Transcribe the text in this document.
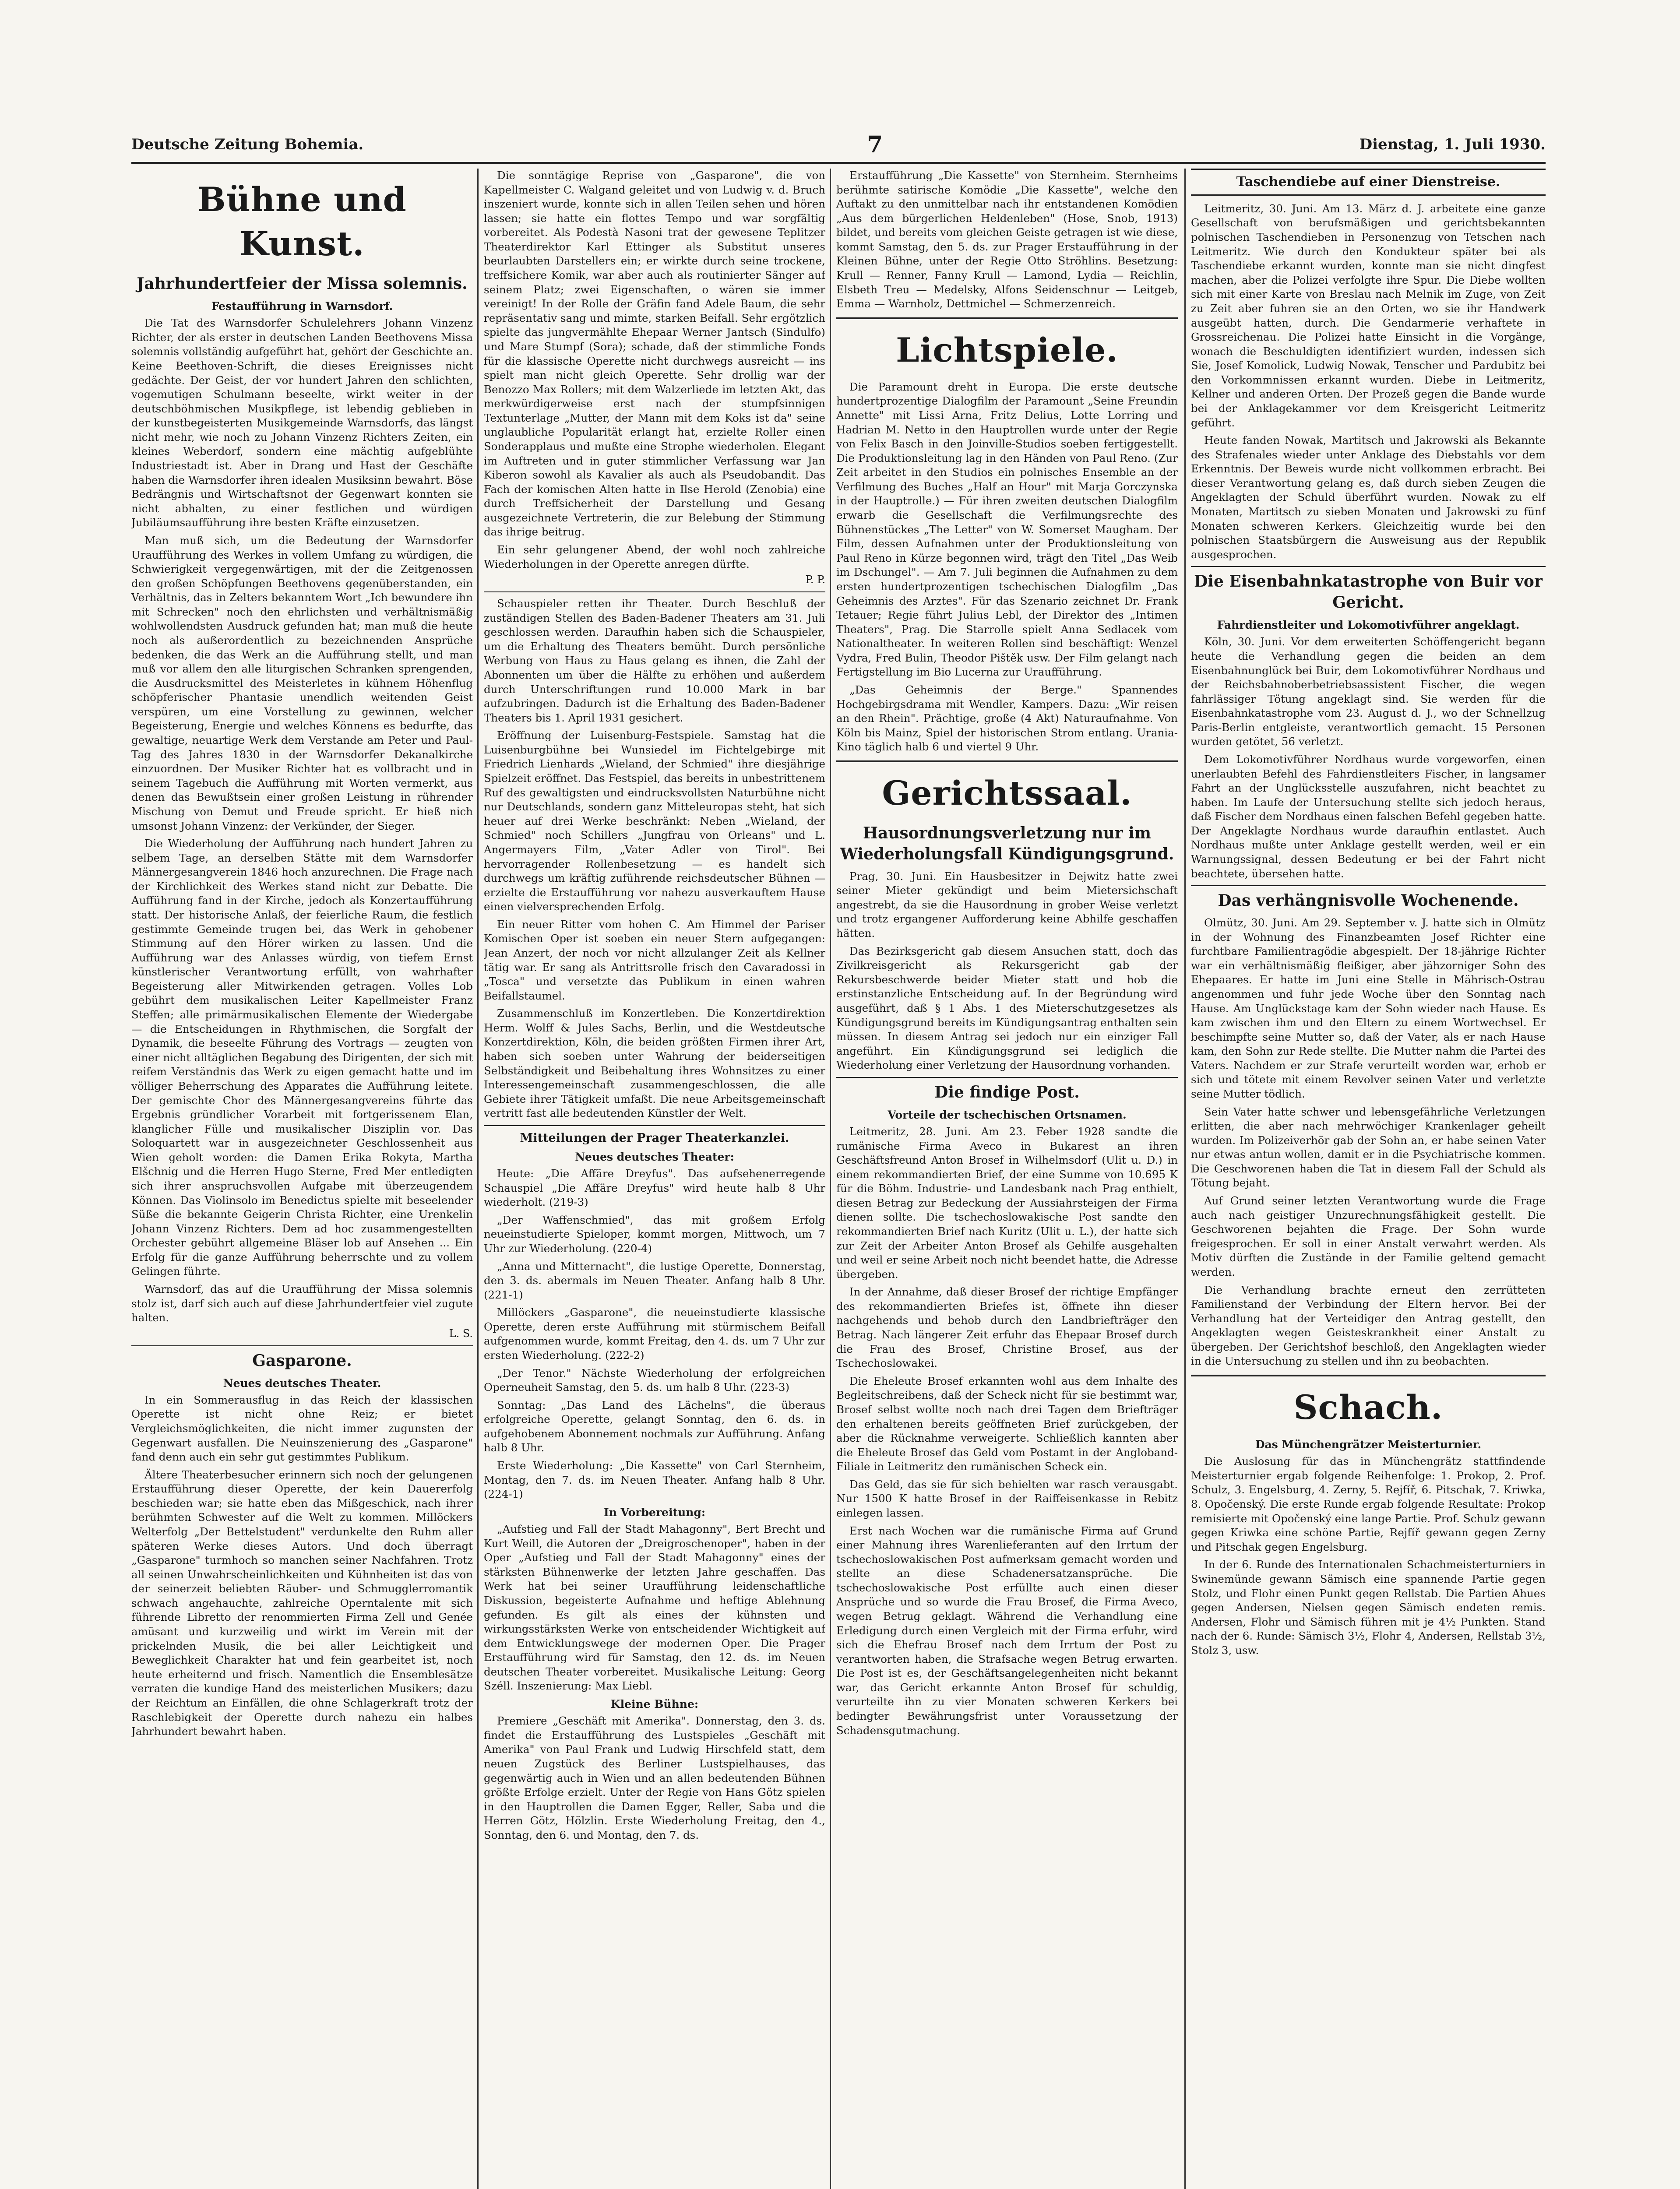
Deutsche Zeitung Bohemia.	7	Dienstag, 1. Juli 1930.
Bühne und Kunst.
Jahrhundertfeier der Missa solemnis.
Festaufführung in Warnsdorf.

Die Tat des Warnsdorfer Schulelehrers Johann Vinzenz Richter, der als erster in deutschen Landen Beethovens Missa solemnis vollständig aufgeführt hat, gehört der Geschichte an. Keine Beethoven-Schrift, die dieses Ereignisses nicht gedächte. Der Geist, der vor hundert Jahren den schlichten, vogemutigen Schulmann beseelte, wirkt weiter in der deutschböhmischen Musikpflege, ist lebendig geblieben in der kunstbegeisterten Musikgemeinde Warnsdorfs, das längst nicht mehr, wie noch zu Johann Vinzenz Richters Zeiten, ein kleines Weberdorf, sondern eine mächtig aufgeblühte Industriestadt ist. Aber in Drang und Hast der Geschäfte haben die Warnsdorfer ihren idealen Musiksinn bewahrt. Böse Bedrängnis und Wirtschaftsnot der Gegenwart konnten sie nicht abhalten, zu einer festlichen und würdigen Jubiläumsaufführung ihre besten Kräfte einzusetzen.

Man muß sich, um die Bedeutung der Warnsdorfer Uraufführung des Werkes in vollem Umfang zu würdigen, die Schwierigkeit vergegenwärtigen, mit der die Zeitgenossen den großen Schöpfungen Beethovens gegenüberstanden, ein Verhältnis, das in Zelters bekanntem Wort „Ich bewundere ihn mit Schrecken" noch den ehrlichsten und verhältnismäßig wohlwollendsten Ausdruck gefunden hat; man muß die heute noch als außerordentlich zu bezeichnenden Ansprüche bedenken, die das Werk an die Aufführung stellt, und man muß vor allem den alle liturgischen Schranken sprengenden, die Ausdrucksmittel des Meisterletes in kühnem Höhenflug schöpferischer Phantasie unendlich weitenden Geist verspüren, um eine Vorstellung zu gewinnen, welcher Begeisterung, Energie und welches Könnens es bedurfte, das gewaltige, neuartige Werk dem Verstande am Peter und Paul-Tag des Jahres 1830 in der Warnsdorfer Dekanalkirche einzuordnen. Der Musiker Richter hat es vollbracht und in seinem Tagebuch die Aufführung mit Worten vermerkt, aus denen das Bewußtsein einer großen Leistung in rührender Mischung von Demut und Freude spricht. Er hieß nich umsonst Johann Vinzenz: der Verkünder, der Sieger.

Die Wiederholung der Aufführung nach hundert Jahren zu selbem Tage, an derselben Stätte mit dem Warnsdorfer Männergesangverein 1846 hoch anzurechnen. Die Frage nach der Kirchlichkeit des Werkes stand nicht zur Debatte. Die Aufführung fand in der Kirche, jedoch als Konzertaufführung statt. Der historische Anlaß, der feierliche Raum, die festlich gestimmte Gemeinde trugen bei, das Werk in gehobener Stimmung auf den Hörer wirken zu lassen. Und die Aufführung war des Anlasses würdig, von tiefem Ernst künstlerischer Verantwortung erfüllt, von wahrhafter Begeisterung aller Mitwirkenden getragen. Volles Lob gebührt dem musikalischen Leiter Kapellmeister Franz Steffen; alle primärmusikalischen Elemente der Wiedergabe — die Entscheidungen in Rhythmischen, die Sorgfalt der Dynamik, die beseelte Führung des Vortrags — zeugten von einer nicht alltäglichen Begabung des Dirigenten, der sich mit reifem Verständnis das Werk zu eigen gemacht hatte und im völliger Beherrschung des Apparates die Aufführung leitete. Der gemischte Chor des Männergesangvereins führte das Ergebnis gründlicher Vorarbeit mit fortgerissenem Elan, klanglicher Fülle und musikalischer Disziplin vor. Das Soloquartett war in ausgezeichneter Geschlossenheit aus Wien geholt worden: die Damen Erika Rokyta, Martha Elšchnig und die Herren Hugo Sterne, Fred Mer entledigten sich ihrer anspruchsvollen Aufgabe mit überzeugendem Können. Das Violinsolo im Benedictus spielte mit beseelender Süße die bekannte Geigerin Christa Richter, eine Urenkelin Johann Vinzenz Richters. Dem ad hoc zusammengestellten Orchester gebührt allgemeine Bläser lob auf Ansehen ... Ein Erfolg für die ganze Aufführung beherrschte und zu vollem Gelingen führte.

Warnsdorf, das auf die Uraufführung der Missa solemnis stolz ist, darf sich auch auf diese Jahrhundertfeier viel zugute halten.

L. S.
Gasparone.
Neues deutsches Theater.

In ein Sommerausflug in das Reich der klassischen Operette ist nicht ohne Reiz; er bietet Vergleichsmöglichkeiten, die nicht immer zugunsten der Gegenwart ausfallen. Die Neuinszenierung des „Gasparone" fand denn auch ein sehr gut gestimmtes Publikum.

Ältere Theaterbesucher erinnern sich noch der gelungenen Erstaufführung dieser Operette, der kein Dauererfolg beschieden war; sie hatte eben das Mißgeschick, nach ihrer berühmten Schwester auf die Welt zu kommen. Millöckers Welterfolg „Der Bettelstudent" verdunkelte den Ruhm aller späteren Werke dieses Autors. Und doch überragt „Gasparone" turmhoch so manchen seiner Nachfahren. Trotz all seinen Unwahrscheinlichkeiten und Kühnheiten ist das von der seinerzeit beliebten Räuber- und Schmugglerromantik schwach angehauchte, zahlreiche Operntalente mit sich führende Libretto der renommierten Firma Zell und Genée amüsant und kurzweilig und wirkt im Verein mit der prickelnden Musik, die bei aller Leichtigkeit und Beweglichkeit Charakter hat und fein gearbeitet ist, noch heute erheiternd und frisch. Namentlich die Ensemblesätze verraten die kundige Hand des meisterlichen Musikers; dazu der Reichtum an Einfällen, die ohne Schlagerkraft trotz der Raschlebigkeit der Operette durch nahezu ein halbes Jahrhundert bewahrt haben.

Die sonntägige Reprise von „Gasparone", die von Kapellmeister C. Walgand geleitet und von Ludwig v. d. Bruch inszeniert wurde, konnte sich in allen Teilen sehen und hören lassen; sie hatte ein flottes Tempo und war sorgfältig vorbereitet. Als Podestà Nasoni trat der gewesene Teplitzer Theaterdirektor Karl Ettinger als Substitut unseres beurlaubten Darstellers ein; er wirkte durch seine trockene, treffsichere Komik, war aber auch als routinierter Sänger auf seinem Platz; zwei Eigenschaften, o wären sie immer vereinigt! In der Rolle der Gräfin fand Adele Baum, die sehr repräsentativ sang und mimte, starken Beifall. Sehr ergötzlich spielte das jungvermählte Ehepaar Werner Jantsch (Sindulfo) und Mare Stumpf (Sora); schade, daß der stimmliche Fonds für die klassische Operette nicht durchwegs ausreicht — ins spielt man nicht gleich Operette. Sehr drollig war der Benozzo Max Rollers; mit dem Walzerliede im letzten Akt, das merkwürdigerweise erst nach der stumpfsinnigen Textunterlage „Mutter, der Mann mit dem Koks ist da" seine unglaubliche Popularität erlangt hat, erzielte Roller einen Sonderapplaus und mußte eine Strophe wiederholen. Elegant im Auftreten und in guter stimmlicher Verfassung war Jan Kiberon sowohl als Kavalier als auch als Pseudobandit. Das Fach der komischen Alten hatte in Ilse Herold (Zenobia) eine durch Treffsicherheit der Darstellung und Gesang ausgezeichnete Vertreterin, die zur Belebung der Stimmung das ihrige beitrug.

Ein sehr gelungener Abend, der wohl noch zahlreiche Wiederholungen in der Operette anregen dürfte.

P. P.

Schauspieler retten ihr Theater. Durch Beschluß der zuständigen Stellen des Baden-Badener Theaters am 31. Juli geschlossen werden. Daraufhin haben sich die Schauspieler, um die Erhaltung des Theaters bemüht. Durch persönliche Werbung von Haus zu Haus gelang es ihnen, die Zahl der Abonnenten um über die Hälfte zu erhöhen und außerdem durch Unterschriftungen rund 10.000 Mark in bar aufzubringen. Dadurch ist die Erhaltung des Baden-Badener Theaters bis 1. April 1931 gesichert.

Eröffnung der Luisenburg-Festspiele. Samstag hat die Luisenburgbühne bei Wunsiedel im Fichtelgebirge mit Friedrich Lienhards „Wieland, der Schmied" ihre diesjährige Spielzeit eröffnet. Das Festspiel, das bereits in unbestrittenem Ruf des gewaltigsten und eindrucksvollsten Naturbühne nicht nur Deutschlands, sondern ganz Mitteleuropas steht, hat sich heuer auf drei Werke beschränkt: Neben „Wieland, der Schmied" noch Schillers „Jungfrau von Orleans" und L. Angermayers Film, „Vater Adler von Tirol". Bei hervorragender Rollenbesetzung — es handelt sich durchwegs um kräftig zuführende reichsdeutscher Bühnen — erzielte die Erstaufführung vor nahezu ausverkauftem Hause einen vielversprechenden Erfolg.

Ein neuer Ritter vom hohen C. Am Himmel der Pariser Komischen Oper ist soeben ein neuer Stern aufgegangen: Jean Anzert, der noch vor nicht allzulanger Zeit als Kellner tätig war. Er sang als Antrittsrolle frisch den Cavaradossi in „Tosca" und versetzte das Publikum in einen wahren Beifallstaumel.

Zusammenschluß im Konzertleben. Die Konzertdirektion Herm. Wolff & Jules Sachs, Berlin, und die Westdeutsche Konzertdirektion, Köln, die beiden größten Firmen ihrer Art, haben sich soeben unter Wahrung der beiderseitigen Selbständigkeit und Beibehaltung ihres Wohnsitzes zu einer Interessengemeinschaft zusammengeschlossen, die alle Gebiete ihrer Tätigkeit umfaßt. Die neue Arbeitsgemeinschaft vertritt fast alle bedeutenden Künstler der Welt.

Mitteilungen der Prager Theaterkanzlei.
Neues deutsches Theater:

Heute: „Die Affäre Dreyfus". Das aufsehenerregende Schauspiel „Die Affäre Dreyfus" wird heute halb 8 Uhr wiederholt. (219-3)

„Der Waffenschmied", das mit großem Erfolg neueinstudierte Spieloper, kommt morgen, Mittwoch, um 7 Uhr zur Wiederholung. (220-4)

„Anna und Mitternacht", die lustige Operette, Donnerstag, den 3. ds. abermals im Neuen Theater. Anfang halb 8 Uhr. (221-1)

Millöckers „Gasparone", die neueinstudierte klassische Operette, deren erste Aufführung mit stürmischem Beifall aufgenommen wurde, kommt Freitag, den 4. ds. um 7 Uhr zur ersten Wiederholung. (222-2)

„Der Tenor." Nächste Wiederholung der erfolgreichen Operneuheit Samstag, den 5. ds. um halb 8 Uhr. (223-3)

Sonntag: „Das Land des Lächelns", die überaus erfolgreiche Operette, gelangt Sonntag, den 6. ds. in aufgehobenem Abonnement nochmals zur Aufführung. Anfang halb 8 Uhr.

Erste Wiederholung: „Die Kassette" von Carl Sternheim, Montag, den 7. ds. im Neuen Theater. Anfang halb 8 Uhr. (224-1)

In Vorbereitung:

„Aufstieg und Fall der Stadt Mahagonny", Bert Brecht und Kurt Weill, die Autoren der „Dreigroschenoper", haben in der Oper „Aufstieg und Fall der Stadt Mahagonny" eines der stärksten Bühnenwerke der letzten Jahre geschaffen. Das Werk hat bei seiner Uraufführung leidenschaftliche Diskussion, begeisterte Aufnahme und heftige Ablehnung gefunden. Es gilt als eines der kühnsten und wirkungsstärksten Werke von entscheidender Wichtigkeit auf dem Entwicklungswege der modernen Oper. Die Prager Erstaufführung wird für Samstag, den 12. ds. im Neuen deutschen Theater vorbereitet. Musikalische Leitung: Georg Széll. Inszenierung: Max Liebl.

Kleine Bühne:

Premiere „Geschäft mit Amerika". Donnerstag, den 3. ds. findet die Erstaufführung des Lustspieles „Geschäft mit Amerika" von Paul Frank und Ludwig Hirschfeld statt, dem neuen Zugstück des Berliner Lustspielhauses, das gegenwärtig auch in Wien und an allen bedeutenden Bühnen größte Erfolge erzielt. Unter der Regie von Hans Götz spielen in den Hauptrollen die Damen Egger, Reller, Saba und die Herren Götz, Hölzlin. Erste Wiederholung Freitag, den 4., Sonntag, den 6. und Montag, den 7. ds.

Erstaufführung „Die Kassette" von Sternheim. Sternheims berühmte satirische Komödie „Die Kassette", welche den Auftakt zu den unmittelbar nach ihr entstandenen Komödien „Aus dem bürgerlichen Heldenleben" (Hose, Snob, 1913) bildet, und bereits vom gleichen Geiste getragen ist wie diese, kommt Samstag, den 5. ds. zur Prager Erstaufführung in der Kleinen Bühne, unter der Regie Otto Ströhlins. Besetzung: Krull — Renner, Fanny Krull — Lamond, Lydia — Reichlin, Elsbeth Treu — Medelsky, Alfons Seidenschnur — Leitgeb, Emma — Warnholz, Dettmichel — Schmerzenreich.

Lichtspiele.

Die Paramount dreht in Europa. Die erste deutsche hundertprozentige Dialogfilm der Paramount „Seine Freundin Annette" mit Lissi Arna, Fritz Delius, Lotte Lorring und Hadrian M. Netto in den Hauptrollen wurde unter der Regie von Felix Basch in den Joinville-Studios soeben fertiggestellt. Die Produktionsleitung lag in den Händen von Paul Reno. (Zur Zeit arbeitet in den Studios ein polnisches Ensemble an der Verfilmung des Buches „Half an Hour" mit Marja Gorczynska in der Hauptrolle.) — Für ihren zweiten deutschen Dialogfilm erwarb die Gesellschaft die Verfilmungsrechte des Bühnenstückes „The Letter" von W. Somerset Maugham. Der Film, dessen Aufnahmen unter der Produktionsleitung von Paul Reno in Kürze begonnen wird, trägt den Titel „Das Weib im Dschungel". — Am 7. Juli beginnen die Aufnahmen zu dem ersten hundertprozentigen tschechischen Dialogfilm „Das Geheimnis des Arztes". Für das Szenario zeichnet Dr. Frank Tetauer; Regie führt Julius Lebl, der Direktor des „Intimen Theaters", Prag. Die Starrolle spielt Anna Sedlacek vom Nationaltheater. In weiteren Rollen sind beschäftigt: Wenzel Vydra, Fred Bulin, Theodor Pištěk usw. Der Film gelangt nach Fertigstellung im Bio Lucerna zur Uraufführung.

„Das Geheimnis der Berge." Spannendes Hochgebirgsdrama mit Wendler, Kampers. Dazu: „Wir reisen an den Rhein". Prächtige, große (4 Akt) Naturaufnahme. Von Köln bis Mainz, Spiel der historischen Strom entlang. Urania-Kino täglich halb 6 und viertel 9 Uhr.

Gerichtssaal.
Hausordnungsverletzung nur im Wiederholungsfall Kündigungsgrund.

Prag, 30. Juni. Ein Hausbesitzer in Dejwitz hatte zwei seiner Mieter gekündigt und beim Mietersichschaft angestrebt, da sie die Hausordnung in grober Weise verletzt und trotz ergangener Aufforderung keine Abhilfe geschaffen hätten.

Das Bezirksgericht gab diesem Ansuchen statt, doch das Zivilkreisgericht als Rekursgericht gab der Rekursbeschwerde beider Mieter statt und hob die erstinstanzliche Entscheidung auf. In der Begründung wird ausgeführt, daß § 1 Abs. 1 des Mieterschutzgesetzes als Kündigungsgrund bereits im Kündigungsantrag enthalten sein müssen. In diesem Antrag sei jedoch nur ein einziger Fall angeführt. Ein Kündigungsgrund sei lediglich die Wiederholung einer Verletzung der Hausordnung vorhanden.

Die findige Post.
Vorteile der tschechischen Ortsnamen.

Leitmeritz, 28. Juni. Am 23. Feber 1928 sandte die rumänische Firma Aveco in Bukarest an ihren Geschäftsfreund Anton Brosef in Wilhelmsdorf (Ulit u. D.) in einem rekommandierten Brief, der eine Summe von 10.695 K für die Böhm. Industrie- und Landesbank nach Prag enthielt, diesen Betrag zur Bedeckung der Aussiahrsteigen der Firma dienen sollte. Die tschechoslowakische Post sandte den rekommandierten Brief nach Kuritz (Ulit u. L.), der hatte sich zur Zeit der Arbeiter Anton Brosef als Gehilfe ausgehalten und weil er seine Arbeit noch nicht beendet hatte, die Adresse übergeben.

In der Annahme, daß dieser Brosef der richtige Empfänger des rekommandierten Briefes ist, öffnete ihn dieser nachgehends und behob durch den Landbriefträger den Betrag. Nach längerer Zeit erfuhr das Ehepaar Brosef durch die Frau des Brosef, Christine Brosef, aus der Tschechoslowakei.

Die Eheleute Brosef erkannten wohl aus dem Inhalte des Begleitschreibens, daß der Scheck nicht für sie bestimmt war, Brosef selbst wollte noch nach drei Tagen dem Briefträger den erhaltenen bereits geöffneten Brief zurückgeben, der aber die Rücknahme verweigerte. Schließlich kannten aber die Eheleute Brosef das Geld vom Postamt in der Angloband-Filiale in Leitmeritz den rumänischen Scheck ein.

Das Geld, das sie für sich behielten war rasch verausgabt. Nur 1500 K hatte Brosef in der Raiffeisenkasse in Rebitz einlegen lassen.

Erst nach Wochen war die rumänische Firma auf Grund einer Mahnung ihres Warenlieferanten auf den Irrtum der tschechoslowakischen Post aufmerksam gemacht worden und stellte an diese Schadenersatzansprüche. Die tschechoslowakische Post erfüllte auch einen dieser Ansprüche und so wurde die Frau Brosef, die Firma Aveco, wegen Betrug geklagt. Während die Verhandlung eine Erledigung durch einen Vergleich mit der Firma erfuhr, wird sich die Ehefrau Brosef nach dem Irrtum der Post zu verantworten haben, die Strafsache wegen Betrug erwarten. Die Post ist es, der Geschäftsangelegenheiten nicht bekannt war, das Gericht erkannte Anton Brosef für schuldig, verurteilte ihn zu vier Monaten schweren Kerkers bei bedingter Bewährungsfrist unter Voraussetzung der Schadensgutmachung.

Taschendiebe auf einer Dienstreise.

Leitmeritz, 30. Juni. Am 13. März d. J. arbeitete eine ganze Gesellschaft von berufsmäßigen und gerichtsbekannten polnischen Taschendieben in Personenzug von Tetschen nach Leitmeritz. Wie durch den Kondukteur später bei als Taschendiebe erkannt wurden, konnte man sie nicht dingfest machen, aber die Polizei verfolgte ihre Spur. Die Diebe wollten sich mit einer Karte von Breslau nach Melnik im Zuge, von Zeit zu Zeit aber fuhren sie an den Orten, wo sie ihr Handwerk ausgeübt hatten, durch. Die Gendarmerie verhaftete in Grossreichenau. Die Polizei hatte Einsicht in die Vorgänge, wonach die Beschuldigten identifiziert wurden, indessen sich Sie, Josef Komolick, Ludwig Nowak, Tenscher und Pardubitz bei den Vorkommnissen erkannt wurden. Diebe in Leitmeritz, Kellner und anderen Orten. Der Prozeß gegen die Bande wurde bei der Anklagekammer vor dem Kreisgericht Leitmeritz geführt.

Heute fanden Nowak, Martitsch und Jakrowski als Bekannte des Strafenales wieder unter Anklage des Diebstahls vor dem Erkenntnis. Der Beweis wurde nicht vollkommen erbracht. Bei dieser Verantwortung gelang es, daß durch sieben Zeugen die Angeklagten der Schuld überführt wurden. Nowak zu elf Monaten, Martitsch zu sieben Monaten und Jakrowski zu fünf Monaten schweren Kerkers. Gleichzeitig wurde bei den polnischen Staatsbürgern die Ausweisung aus der Republik ausgesprochen.

Die Eisenbahnkatastrophe von Buir vor Gericht.
Fahrdienstleiter und Lokomotivführer angeklagt.

Köln, 30. Juni. Vor dem erweiterten Schöffengericht begann heute die Verhandlung gegen die beiden an dem Eisenbahnunglück bei Buir, dem Lokomotivführer Nordhaus und der Reichsbahnoberbetriebsassistent Fischer, die wegen fahrlässiger Tötung angeklagt sind. Sie werden für die Eisenbahnkatastrophe vom 23. August d. J., wo der Schnellzug Paris-Berlin entgleiste, verantwortlich gemacht. 15 Personen wurden getötet, 56 verletzt.

Dem Lokomotivführer Nordhaus wurde vorgeworfen, einen unerlaubten Befehl des Fahrdienstleiters Fischer, in langsamer Fahrt an der Unglücksstelle auszufahren, nicht beachtet zu haben. Im Laufe der Untersuchung stellte sich jedoch heraus, daß Fischer dem Nordhaus einen falschen Befehl gegeben hatte. Der Angeklagte Nordhaus wurde daraufhin entlastet. Auch Nordhaus mußte unter Anklage gestellt werden, weil er ein Warnungssignal, dessen Bedeutung er bei der Fahrt nicht beachtete, übersehen hatte.

Das verhängnisvolle Wochenende.

Olmütz, 30. Juni. Am 29. September v. J. hatte sich in Olmütz in der Wohnung des Finanzbeamten Josef Richter eine furchtbare Familientragödie abgespielt. Der 18-jährige Richter war ein verhältnismäßig fleißiger, aber jähzorniger Sohn des Ehepaares. Er hatte im Juni eine Stelle in Mährisch-Ostrau angenommen und fuhr jede Woche über den Sonntag nach Hause. Am Unglückstage kam der Sohn wieder nach Hause. Es kam zwischen ihm und den Eltern zu einem Wortwechsel. Er beschimpfte seine Mutter so, daß der Vater, als er nach Hause kam, den Sohn zur Rede stellte. Die Mutter nahm die Partei des Vaters. Nachdem er zur Strafe verurteilt worden war, erhob er sich und tötete mit einem Revolver seinen Vater und verletzte seine Mutter tödlich.

Sein Vater hatte schwer und lebensgefährliche Verletzungen erlitten, die aber nach mehrwöchiger Krankenlager geheilt wurden. Im Polizeiverhör gab der Sohn an, er habe seinen Vater nur etwas antun wollen, damit er in die Psychiatrische kommen. Die Geschworenen haben die Tat in diesem Fall der Schuld als Tötung bejaht.

Auf Grund seiner letzten Verantwortung wurde die Frage auch nach geistiger Unzurechnungsfähigkeit gestellt. Die Geschworenen bejahten die Frage. Der Sohn wurde freigesprochen. Er soll in einer Anstalt verwahrt werden. Als Motiv dürften die Zustände in der Familie geltend gemacht werden.

Die Verhandlung brachte erneut den zerrütteten Familienstand der Verbindung der Eltern hervor. Bei der Verhandlung hat der Verteidiger den Antrag gestellt, den Angeklagten wegen Geisteskrankheit einer Anstalt zu übergeben. Der Gerichtshof beschloß, den Angeklagten wieder in die Untersuchung zu stellen und ihn zu beobachten.

Schach.
Das Münchengrätzer Meisterturnier.

Die Auslosung für das in Münchengrätz stattfindende Meisterturnier ergab folgende Reihenfolge: 1. Prokop, 2. Prof. Schulz, 3. Engelsburg, 4. Zerny, 5. Rejfíř, 6. Pitschak, 7. Kriwka, 8. Opočenský. Die erste Runde ergab folgende Resultate: Prokop remisierte mit Opočenský eine lange Partie. Prof. Schulz gewann gegen Kriwka eine schöne Partie, Rejfíř gewann gegen Zerny und Pitschak gegen Engelsburg.

In der 6. Runde des Internationalen Schachmeisterturniers in Swinemünde gewann Sämisch eine spannende Partie gegen Stolz, und Flohr einen Punkt gegen Rellstab. Die Partien Ahues gegen Andersen, Nielsen gegen Sämisch endeten remis. Andersen, Flohr und Sämisch führen mit je 4½ Punkten. Stand nach der 6. Runde: Sämisch 3½, Flohr 4, Andersen, Rellstab 3½, Stolz 3, usw.
